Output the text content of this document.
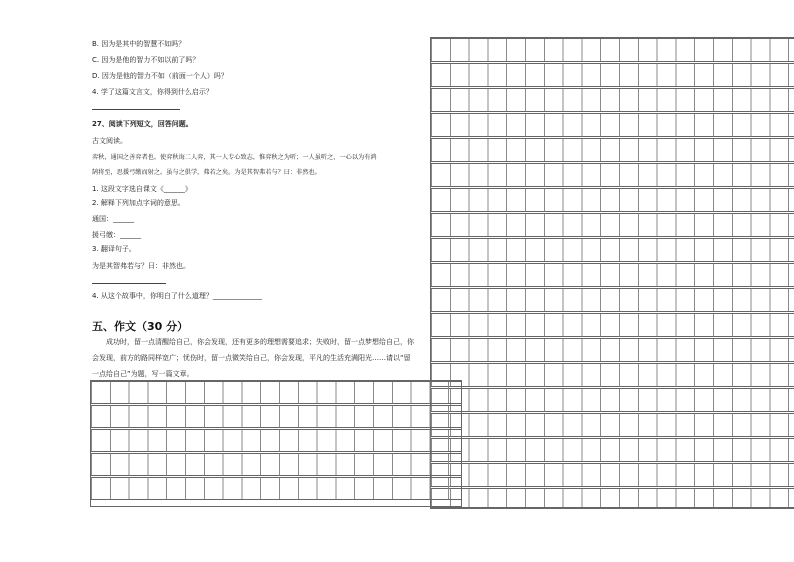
B. 因为是其中的智慧不如吗？
C. 因为是他的智力不如以前了吗？
D. 因为是他的智力不如（前面一个人）吗？
4. 学了这篇文言文，你得到什么启示？
27、阅读下列短文，回答问题。
古文阅读。
弈秋，通国之善弈者也。使弈秋诲二人弈，其一人专心致志，惟弈秋之为听；一人虽听之，一心以为有鸿
鹄将至，思援弓缴而射之。虽与之俱学，弗若之矣。为是其智弗若与？曰：非然也。
1. 这段文字选自课文《______》
2. 解释下列加点字词的意思。
通国：______
援弓缴：______
3. 翻译句子。
为是其智弗若与？曰：非然也。
4. 从这个故事中，你明白了什么道理？______________
五、作文（30 分）
成功时，留一点清醒给自己，你会发现，还有更多的理想需要追求；失败时，留一点梦想给自己，你
会发现，前方的路同样宽广；忧伤时，留一点微笑给自己，你会发现，平凡的生活充满阳光……请以“留
一点给自己”为题，写一篇文章。
